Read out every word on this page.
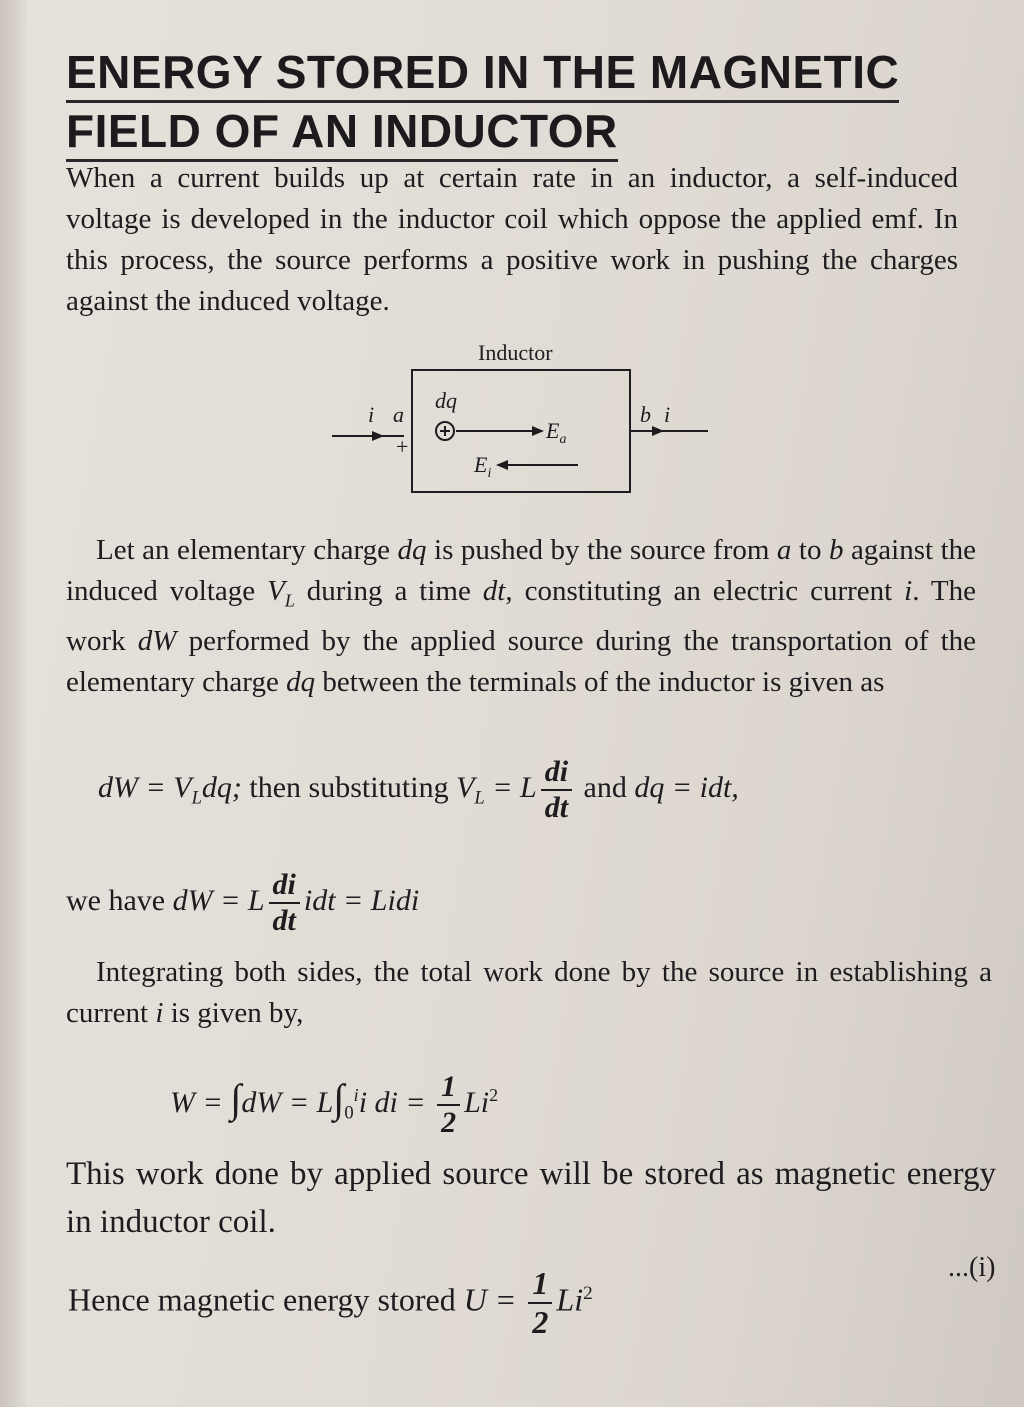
ENERGY STORED IN THE MAGNETIC
FIELD OF AN INDUCTOR

When a current builds up at certain rate in an inductor, a self-induced voltage is developed in the inductor coil which oppose the applied emf. In this process, the source performs a positive work in pushing the charges against the induced voltage.

Inductor
i a
+
dq
$E_a$
$E_i$
b i

Let an elementary charge dq is pushed by the source from a to b against the induced voltage $V_L$ during a time dt, constituting an electric current i. The work dW performed by the applied source during the transportation of the elementary charge dq between the terminals of the inductor is given as

dW = $V_Ldq$; then substituting $V_L = L \frac{di}{dt}$ and dq = idt,
we have dW = L $\frac{di}{dt}$ idt = Lidi

Integrating both sides, the total work done by the source in establishing a current i is given by,

$W = \int dW = L\int_0^ii$ di = $\frac{1}{2} Li^2$

This work done by applied source will be stored as magnetic energy in inductor coil.

Hence magnetic energy stored $U = \frac{1}{2} Li^2$
...(i)
